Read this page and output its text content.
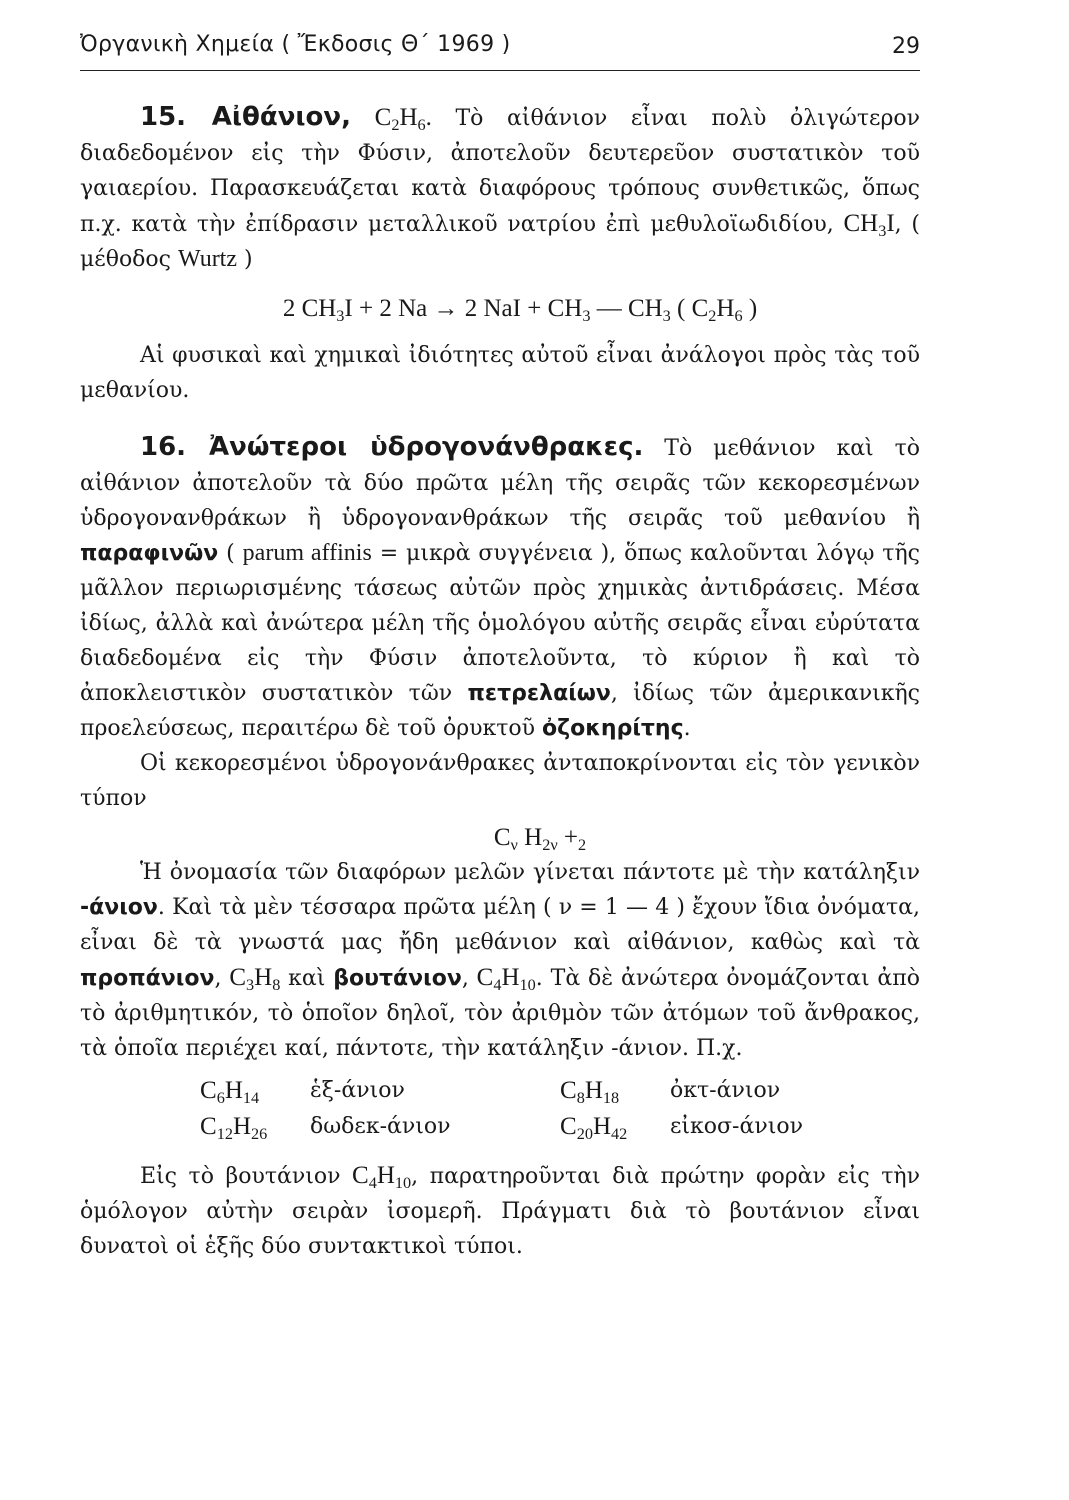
Ὀργανικὴ Χημεία ( Ἔκδοσις Θ΄ 1969 )	29

15. Αἰθάνιον, $C_2H_6$. Τὸ αἰθάνιον εἶναι πολὺ ὀλιγώτερον διαδεδομένον εἰς τὴν Φύσιν, ἀποτελοῦν δευτερεῦον συστατικὸν τοῦ γαιαερίου. Παρασκευάζεται κατὰ διαφόρους τρόπους συνθετικῶς, ὅπως π.χ. κατὰ τὴν ἐπίδρασιν μεταλλικοῦ νατρίου ἐπὶ μεθυλοϊωδιδίου, $CH_3I$, ( μέθοδος Wurtz )

2 $CH_3I + 2$ Na → 2 NaI + $CH_3$ — $CH_3$ ( $C_2H_6$ )

Αἱ φυσικαὶ καὶ χημικαὶ ἰδιότητες αὐτοῦ εἶναι ἀνάλογοι πρὸς τὰς τοῦ μεθανίου.

16. Ἀνώτεροι ὑδρογονάνθρακες. Τὸ μεθάνιον καὶ τὸ αἰθάνιον ἀποτελοῦν τὰ δύο πρῶτα μέλη τῆς σειρᾶς τῶν κεκορεσμένων ὑδρογονανθράκων ἢ ὑδρογονανθράκων τῆς σειρᾶς τοῦ μεθανίου ἢ παραφινῶν ( parum affinis = μικρὰ συγγένεια ), ὅπως καλοῦνται λόγῳ τῆς μᾶλλον περιωρισμένης τάσεως αὐτῶν πρὸς χημικὰς ἀντιδράσεις. Μέσα ἰδίως, ἀλλὰ καὶ ἀνώτερα μέλη τῆς ὁμολόγου αὐτῆς σειρᾶς εἶναι εὐρύτατα διαδεδομένα εἰς τὴν Φύσιν ἀποτελοῦντα, τὸ κύριον ἢ καὶ τὸ ἀποκλειστικὸν συστατικὸν τῶν πετρελαίων, ἰδίως τῶν ἀμερικανικῆς προελεύσεως, περαιτέρω δὲ τοῦ ὀρυκτοῦ ὀζοκηρίτης.

Οἱ κεκορεσμένοι ὑδρογονάνθρακες ἀνταποκρίνονται εἰς τὸν γενικὸν τύπον

$C_\nu$ $H_{2\nu} +_2$

Ἡ ὀνομασία τῶν διαφόρων μελῶν γίνεται πάντοτε μὲ τὴν κατάληξιν -άνιον. Καὶ τὰ μὲν τέσσαρα πρῶτα μέλη ( ν = 1 — 4 ) ἔχουν ἴδια ὀνόματα, εἶναι δὲ τὰ γνωστά μας ἤδη μεθάνιον καὶ αἰθάνιον, καθὼς καὶ τὰ προπάνιον, $C_3H_8$ καὶ βουτάνιον, $C_4H_{10}$. Τὰ δὲ ἀνώτερα ὀνομάζονται ἀπὸ τὸ ἀριθμητικόν, τὸ ὁποῖον δηλοῖ, τὸν ἀριθμὸν τῶν ἀτόμων τοῦ ἄνθρακος, τὰ ὁποῖα περιέχει καί, πάντοτε, τὴν κατάληξιν -άνιον. Π.χ.

$C_6H_{14}$	ἑξ-άνιον	$C_8H_{18}$	ὀκτ-άνιον
$C_{12}H_{26}$	δωδεκ-άνιον	$C_{20}H_{42}$	εἰκοσ-άνιον

Εἰς τὸ βουτάνιον $C_4H_{10}$, παρατηροῦνται διὰ πρώτην φορὰν εἰς τὴν ὁμόλογον αὐτὴν σειρὰν ἰσομερῆ. Πράγματι διὰ τὸ βουτάνιον εἶναι δυνατοὶ οἱ ἑξῆς δύο συντακτικοὶ τύποι.
